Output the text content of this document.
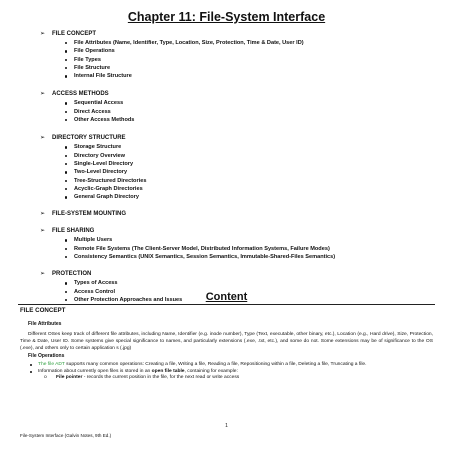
Chapter 11: File-System Interface
➢ FILE CONCEPT
File Attributes (Name, Identifier, Type, Location, Size, Protection, Time & Date, User ID)
File Operations
File Types
File Structure
Internal File Structure
➢ ACCESS METHODS
Sequential Access
Direct Access
Other Access Methods
➢ DIRECTORY STRUCTURE
Storage Structure
Directory Overview
Single-Level Directory
Two-Level Directory
Tree-Structured Directories
Acyclic-Graph Directories
General Graph Directory
➢ FILE-SYSTEM MOUNTING
➢ FILE SHARING
Multiple Users
Remote File Systems (The Client-Server Model, Distributed Information Systems, Failure Modes)
Consistency Semantics (UNIX Semantics, Session Semantics, Immutable-Shared-Files Semantics)
➢ PROTECTION
Types of Access
Access Control
Other Protection Approaches and Issues	Content
FILE CONCEPT
File Attributes
Different OSes keep track of different file attributes, including Name, Identifier (e.g. inode number), Type (Text, executable, other binary, etc.), Location (e.g., Hard drive), Size, Protection, Time & Date, User ID. Some systems give special significance to names, and particularly extensions (.exe, .txt, etc.), and some do not. Some extensions may be of significance to the OS (.exe), and others only to certain application s (.jpg)
File Operations
The file ADT supports many common operations: Creating a file, Writing a file, Reading a file, Repositioning within a file, Deleting a file, Truncating a file.
Information about currently open files is stored in an open file table, containing for example:
o File pointer - records the current position in the file, for the next read or write access
1
File-System Interface (Galvin Notes, 9th Ed.)
